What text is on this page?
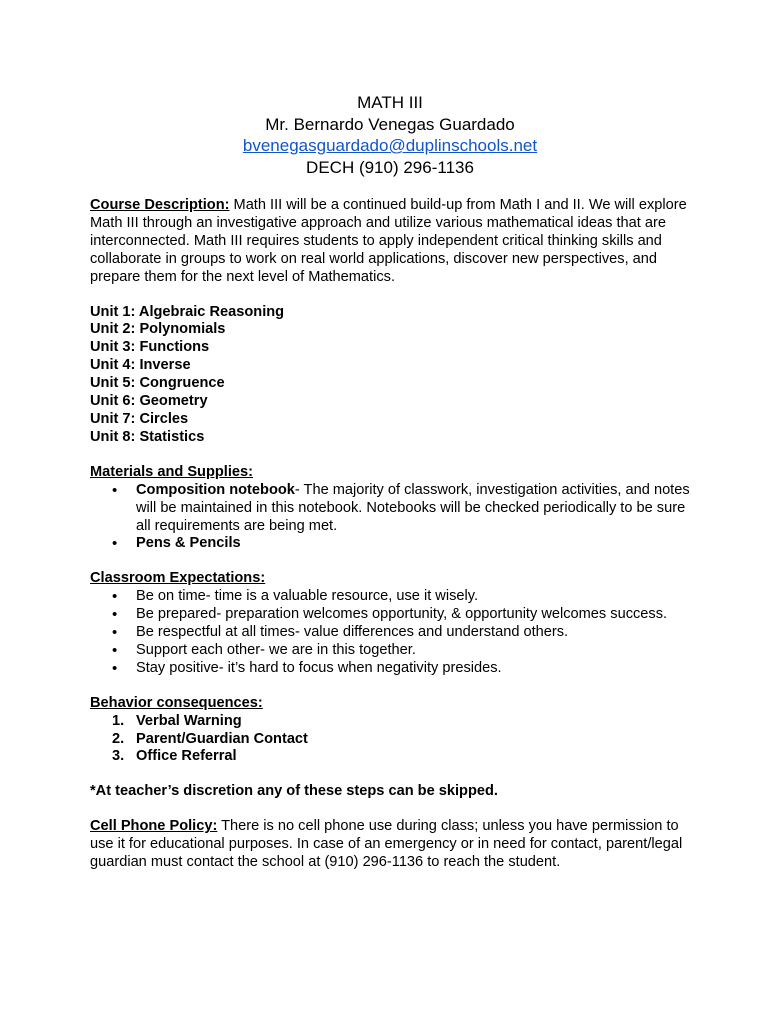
MATH III
Mr. Bernardo Venegas Guardado
bvenegasguardado@duplinschools.net
DECH (910) 296-1136
Course Description: Math III will be a continued build-up from Math I and II. We will explore Math III through an investigative approach and utilize various mathematical ideas that are interconnected. Math III requires students to apply independent critical thinking skills and collaborate in groups to work on real world applications, discover new perspectives, and prepare them for the next level of Mathematics.
Unit 1: Algebraic Reasoning
Unit 2: Polynomials
Unit 3: Functions
Unit 4: Inverse
Unit 5: Congruence
Unit 6: Geometry
Unit 7: Circles
Unit 8: Statistics
Materials and Supplies:
• Composition notebook- The majority of classwork, investigation activities, and notes will be maintained in this notebook. Notebooks will be checked periodically to be sure all requirements are being met.
• Pens & Pencils
Classroom Expectations:
• Be on time- time is a valuable resource, use it wisely.
• Be prepared- preparation welcomes opportunity, & opportunity welcomes success.
• Be respectful at all times- value differences and understand others.
• Support each other- we are in this together.
• Stay positive- it’s hard to focus when negativity presides.
Behavior consequences:
1. Verbal Warning
2. Parent/Guardian Contact
3. Office Referral
*At teacher’s discretion any of these steps can be skipped.
Cell Phone Policy: There is no cell phone use during class; unless you have permission to use it for educational purposes. In case of an emergency or in need for contact, parent/legal guardian must contact the school at (910) 296-1136 to reach the student.
